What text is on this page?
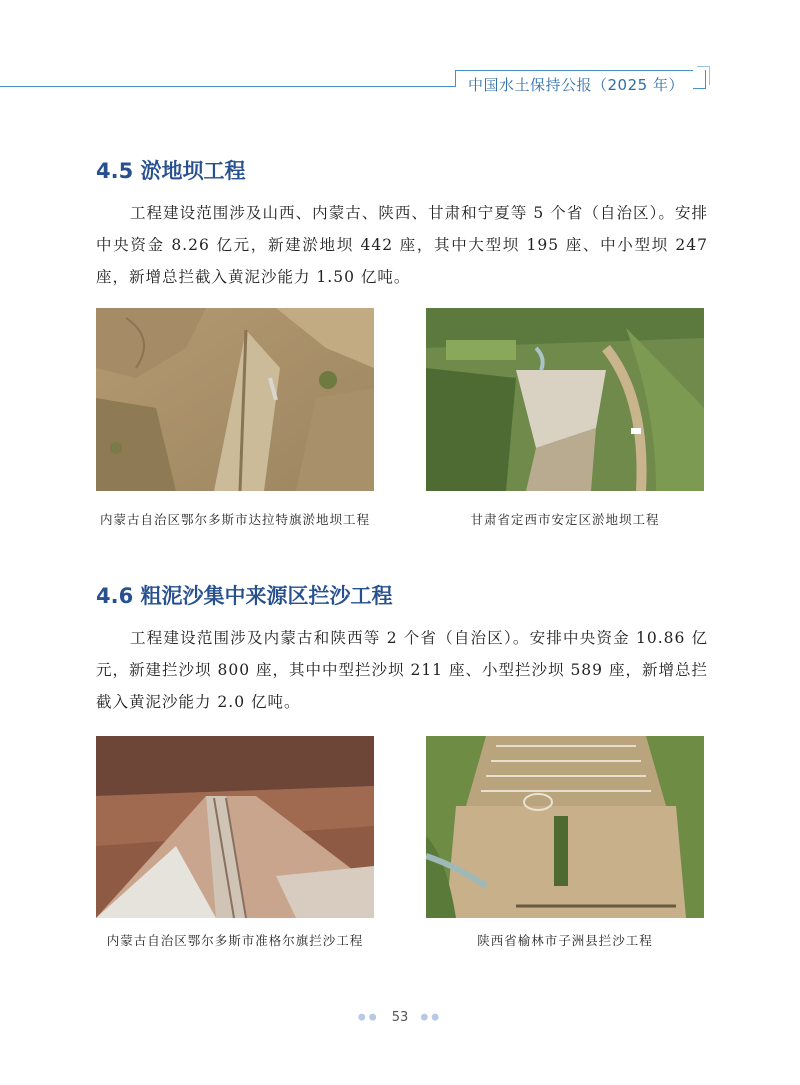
中国水土保持公报（2025 年）
4.5 淤地坝工程
工程建设范围涉及山西、内蒙古、陕西、甘肃和宁夏等 5 个省（自治区）。安排中央资金 8.26 亿元，新建淤地坝 442 座，其中大型坝 195 座、中小型坝 247 座，新增总拦截入黄泥沙能力 1.50 亿吨。
内蒙古自治区鄂尔多斯市达拉特旗淤地坝工程	甘肃省定西市安定区淤地坝工程
4.6 粗泥沙集中来源区拦沙工程
工程建设范围涉及内蒙古和陕西等 2 个省（自治区）。安排中央资金 10.86 亿元，新建拦沙坝 800 座，其中中型拦沙坝 211 座、小型拦沙坝 589 座，新增总拦截入黄泥沙能力 2.0 亿吨。
内蒙古自治区鄂尔多斯市准格尔旗拦沙工程	陕西省榆林市子洲县拦沙工程
●● 53 ●●
